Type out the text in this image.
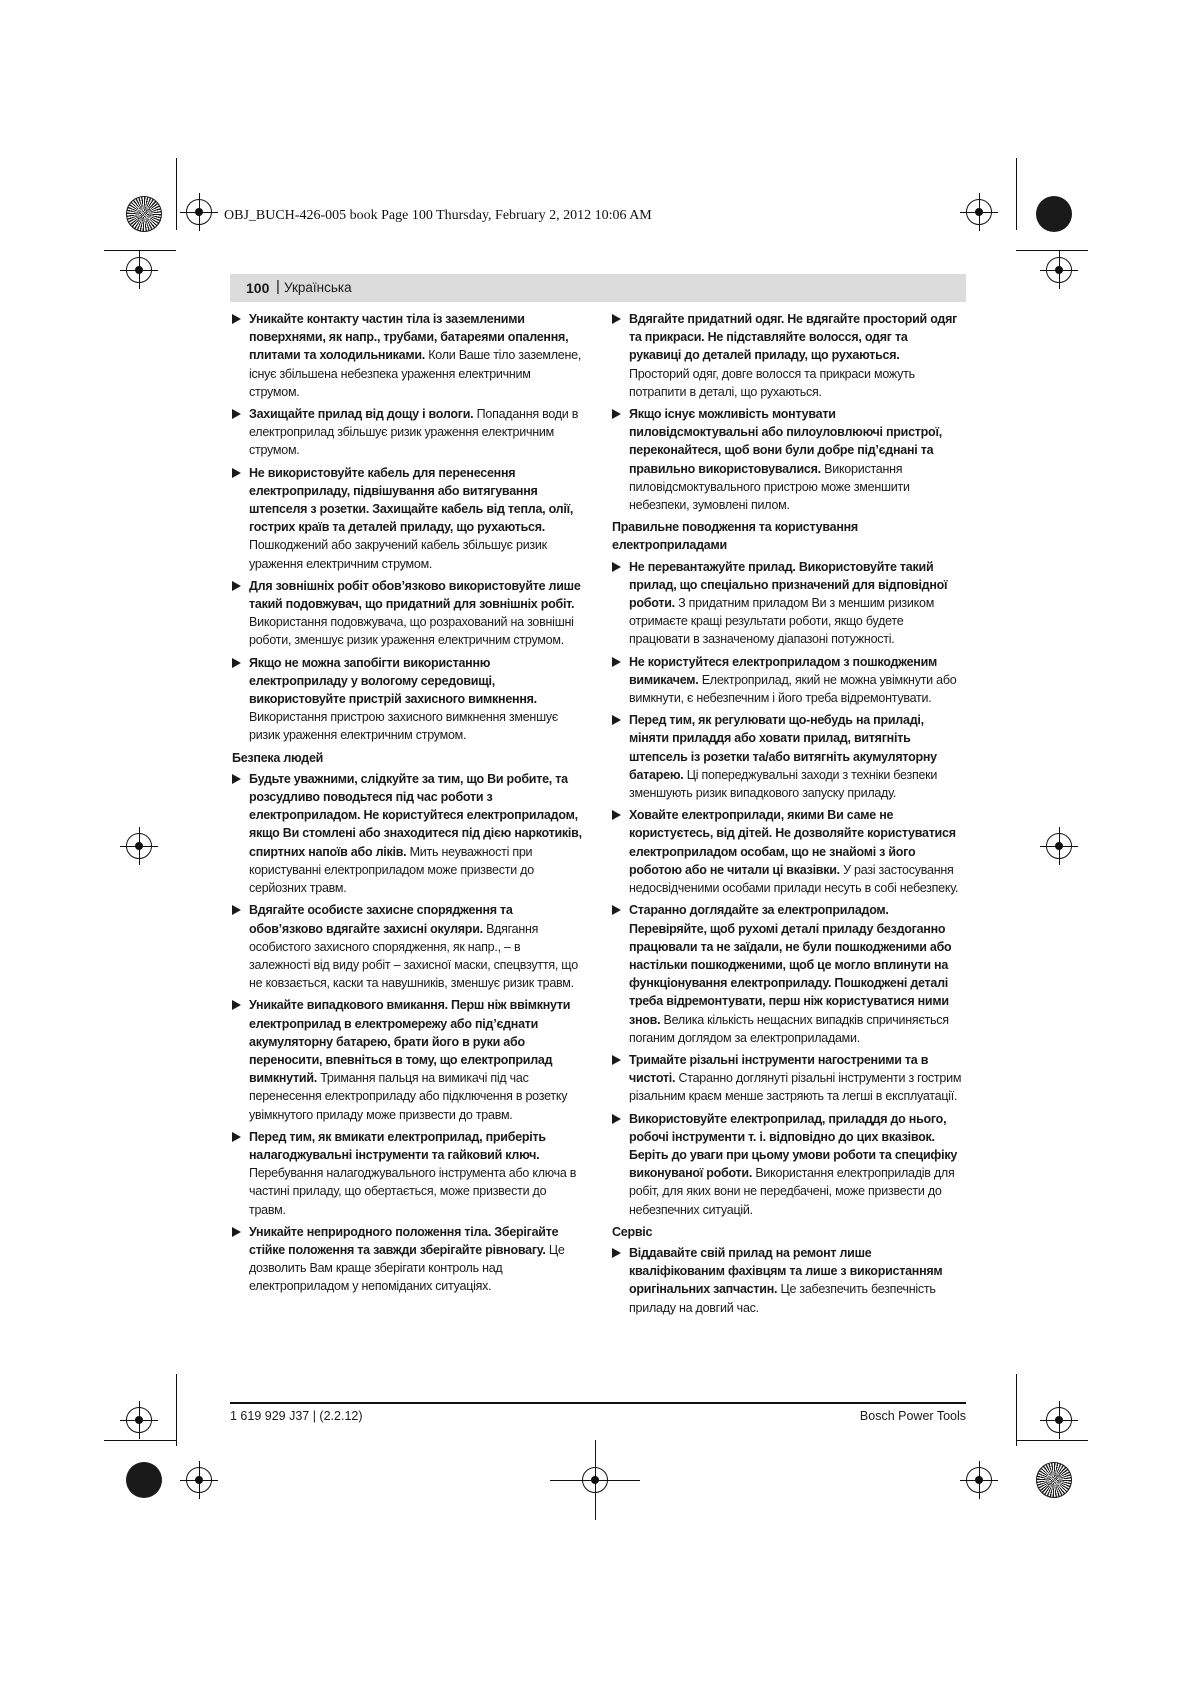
OBJ_BUCH-426-005 book Page 100 Thursday, February 2, 2012 10:06 AM
100 | Українська
Уникайте контакту частин тіла із заземленими поверхнями, як напр., трубами, батареями опалення, плитами та холодильниками. Коли Ваше тіло заземлене, існує збільшена небезпека ураження електричним струмом.
Захищайте прилад від дощу і вологи. Попадання води в електроприлад збільшує ризик ураження електричним струмом.
Не використовуйте кабель для перенесення електроприладу, підвішування або витягування штепселя з розетки. Захищайте кабель від тепла, олії, гострих країв та деталей приладу, що рухаються. Пошкоджений або закручений кабель збільшує ризик ураження електричним струмом.
Для зовнішніх робіт обов’язково використовуйте лише такий подовжувач, що придатний для зовнішніх робіт. Використання подовжувача, що розрахований на зовнішні роботи, зменшує ризик ураження електричним струмом.
Якщо не можна запобігти використанню електроприладу у вологому середовищі, використовуйте пристрій захисного вимкнення. Використання пристрою захисного вимкнення зменшує ризик ураження електричним струмом.
Безпека людей
Будьте уважними, слідкуйте за тим, що Ви робите, та розсудливо поводьтеся під час роботи з електроприладом. Не користуйтеся електроприладом, якщо Ви стомлені або знаходитеся під дією наркотиків, спиртних напоїв або ліків. Мить неуважності при користуванні електроприладом може призвести до серйозних травм.
Вдягайте особисте захисне спорядження та обов’язково вдягайте захисні окуляри. Вдягання особистого захисного спорядження, як напр., – в залежності від виду робіт – захисної маски, спецвзуття, що не ковзається, каски та навушників, зменшує ризик травм.
Уникайте випадкового вмикання. Перш ніж ввімкнути електроприлад в електромережу або під’єднати акумуляторну батарею, брати його в руки або переносити, впевніться в тому, що електроприлад вимкнутий. Тримання пальця на вимикачі під час перенесення електроприладу або підключення в розетку увімкнутого приладу може призвести до травм.
Перед тим, як вмикати електроприлад, приберіть налагоджувальні інструменти та гайковий ключ. Перебування налагоджувального інструмента або ключа в частині приладу, що обертається, може призвести до травм.
Уникайте неприродного положення тіла. Зберігайте стійке положення та завжди зберігайте рівновагу. Це дозволить Вам краще зберігати контроль над електроприладом у непоміданих ситуаціях.
Вдягайте придатний одяг. Не вдягайте просторий одяг та прикраси. Не підставляйте волосся, одяг та рукавиці до деталей приладу, що рухаються. Просторий одяг, довге волосся та прикраси можуть потрапити в деталі, що рухаються.
Якщо існує можливість монтувати пиловідсмоктувальні або пилоуловлюючі пристрої, переконайтеся, щоб вони були добре під’єднані та правильно використовувалися. Використання пиловідсмоктувального пристрою може зменшити небезпеки, зумовлені пилом.
Правильне поводження та користування електроприладами
Не перевантажуйте прилад. Використовуйте такий прилад, що спеціально призначений для відповідної роботи. З придатним приладом Ви з меншим ризиком отримаєте кращі результати роботи, якщо будете працювати в зазначеному діапазоні потужності.
Не користуйтеся електроприладом з пошкодженим вимикачем. Електроприлад, який не можна увімкнути або вимкнути, є небезпечним і його треба відремонтувати.
Перед тим, як регулювати що-небудь на приладі, міняти приладдя або ховати прилад, витягніть штепсель із розетки та/або витягніть акумуляторну батарею. Ці попереджувальні заходи з техніки безпеки зменшують ризик випадкового запуску приладу.
Ховайте електроприлади, якими Ви саме не користуєтесь, від дітей. Не дозволяйте користуватися електроприладом особам, що не знайомі з його роботою або не читали ці вказівки. У разі застосування недосвідченими особами прилади несуть в собі небезпеку.
Старанно доглядайте за електроприладом. Перевіряйте, щоб рухомі деталі приладу бездоганно працювали та не заїдали, не були пошкодженими або настільки пошкодженими, щоб це могло вплинути на функціонування електроприладу. Пошкоджені деталі треба відремонтувати, перш ніж користуватися ними знов. Велика кількість нещасних випадків спричиняється поганим доглядом за електроприладами.
Тримайте різальні інструменти нагостреними та в чистоті. Старанно доглянуті різальні інструменти з гострим різальним краєм менше застряють та легші в експлуатації.
Використовуйте електроприлад, приладдя до нього, робочі інструменти т. і. відповідно до цих вказівок. Беріть до уваги при цьому умови роботи та специфіку виконуваної роботи. Використання електроприладів для робіт, для яких вони не передбачені, може призвести до небезпечних ситуацій.
Сервіс
Віддавайте свій прилад на ремонт лише кваліфікованим фахівцям та лише з використанням оригінальних запчастин. Це забезпечить безпечність приладу на довгий час.
1 619 929 J37 | (2.2.12)	Bosch Power Tools
